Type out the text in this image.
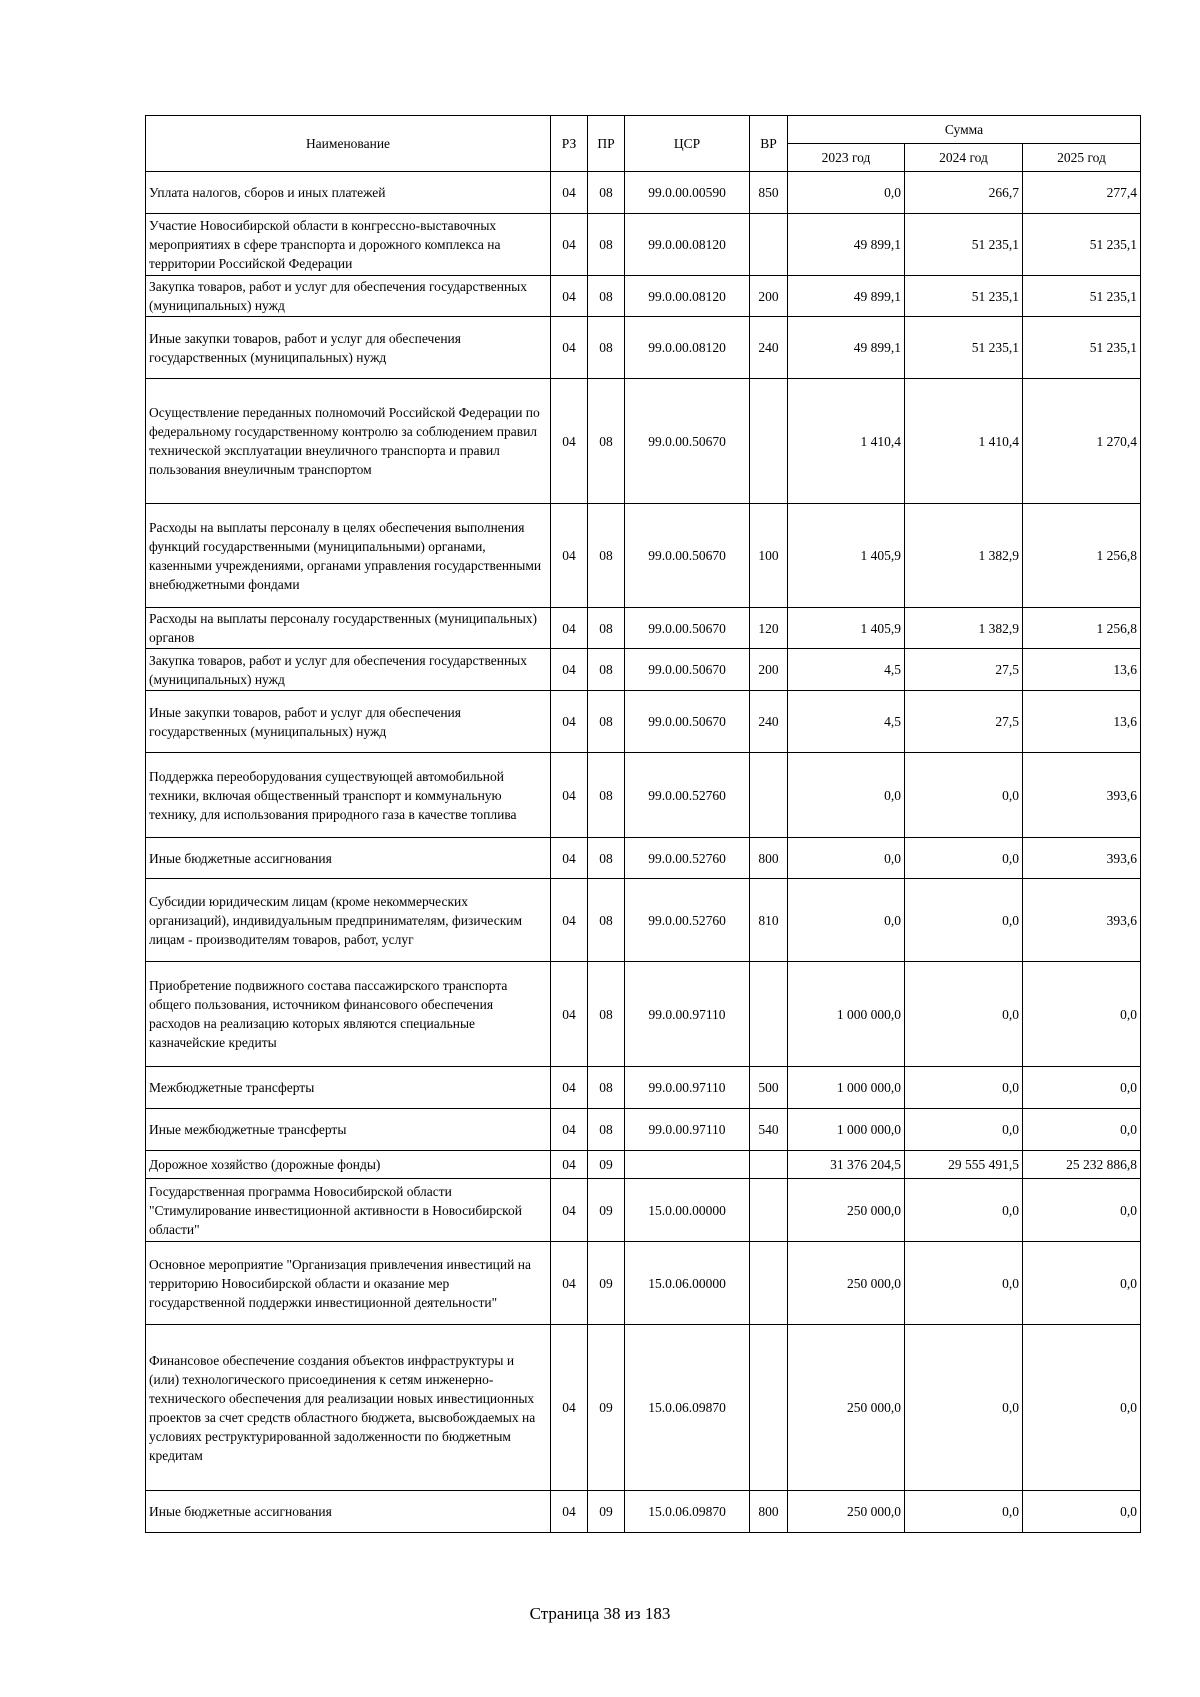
Наименование	РЗ	ПР	ЦСР	ВР	Сумма		
					2023 год	2024 год	2025 год
Уплата налогов, сборов и иных платежей	04	08	99.0.00.00590	850	0,0	266,7	277,4
Участие Новосибирской области в конгрессно-выставочных мероприятиях в сфере транспорта и дорожного комплекса на территории Российской Федерации	04	08	99.0.00.08120		49 899,1	51 235,1	51 235,1
Закупка товаров, работ и услуг для обеспечения государственных (муниципальных) нужд	04	08	99.0.00.08120	200	49 899,1	51 235,1	51 235,1
Иные закупки товаров, работ и услуг для обеспечения государственных (муниципальных) нужд	04	08	99.0.00.08120	240	49 899,1	51 235,1	51 235,1
Осуществление переданных полномочий Российской Федерации по федеральному государственному контролю за соблюдением правил технической эксплуатации внеуличного транспорта и правил пользования внеуличным транспортом	04	08	99.0.00.50670		1 410,4	1 410,4	1 270,4
Расходы на выплаты персоналу в целях обеспечения выполнения функций государственными (муниципальными) органами, казенными учреждениями, органами управления государственными внебюджетными фондами	04	08	99.0.00.50670	100	1 405,9	1 382,9	1 256,8
Расходы на выплаты персоналу государственных (муниципальных) органов	04	08	99.0.00.50670	120	1 405,9	1 382,9	1 256,8
Закупка товаров, работ и услуг для обеспечения государственных (муниципальных) нужд	04	08	99.0.00.50670	200	4,5	27,5	13,6
Иные закупки товаров, работ и услуг для обеспечения государственных (муниципальных) нужд	04	08	99.0.00.50670	240	4,5	27,5	13,6
Поддержка переоборудования существующей автомобильной техники, включая общественный транспорт и коммунальную технику, для использования природного газа в качестве топлива	04	08	99.0.00.52760		0,0	0,0	393,6
Иные бюджетные ассигнования	04	08	99.0.00.52760	800	0,0	0,0	393,6
Субсидии юридическим лицам (кроме некоммерческих организаций), индивидуальным предпринимателям, физическим лицам - производителям товаров, работ, услуг	04	08	99.0.00.52760	810	0,0	0,0	393,6
Приобретение подвижного состава пассажирского транспорта общего пользования, источником финансового обеспечения расходов на реализацию которых являются специальные казначейские кредиты	04	08	99.0.00.97110		1 000 000,0	0,0	0,0
Межбюджетные трансферты	04	08	99.0.00.97110	500	1 000 000,0	0,0	0,0
Иные межбюджетные трансферты	04	08	99.0.00.97110	540	1 000 000,0	0,0	0,0
Дорожное хозяйство (дорожные фонды)	04	09			31 376 204,5	29 555 491,5	25 232 886,8
Государственная программа Новосибирской области "Стимулирование инвестиционной активности в Новосибирской области"	04	09	15.0.00.00000		250 000,0	0,0	0,0
Основное мероприятие "Организация привлечения инвестиций на территорию Новосибирской области и оказание мер государственной поддержки инвестиционной деятельности"	04	09	15.0.06.00000		250 000,0	0,0	0,0
Финансовое обеспечение создания объектов инфраструктуры и (или) технологического присоединения к сетям инженерно-технического обеспечения для реализации новых инвестиционных проектов за счет средств областного бюджета, высвобождаемых на условиях реструктурированной задолженности по бюджетным кредитам	04	09	15.0.06.09870		250 000,0	0,0	0,0
Иные бюджетные ассигнования	04	09	15.0.06.09870	800	250 000,0	0,0	0,0
Страница 38 из 183
